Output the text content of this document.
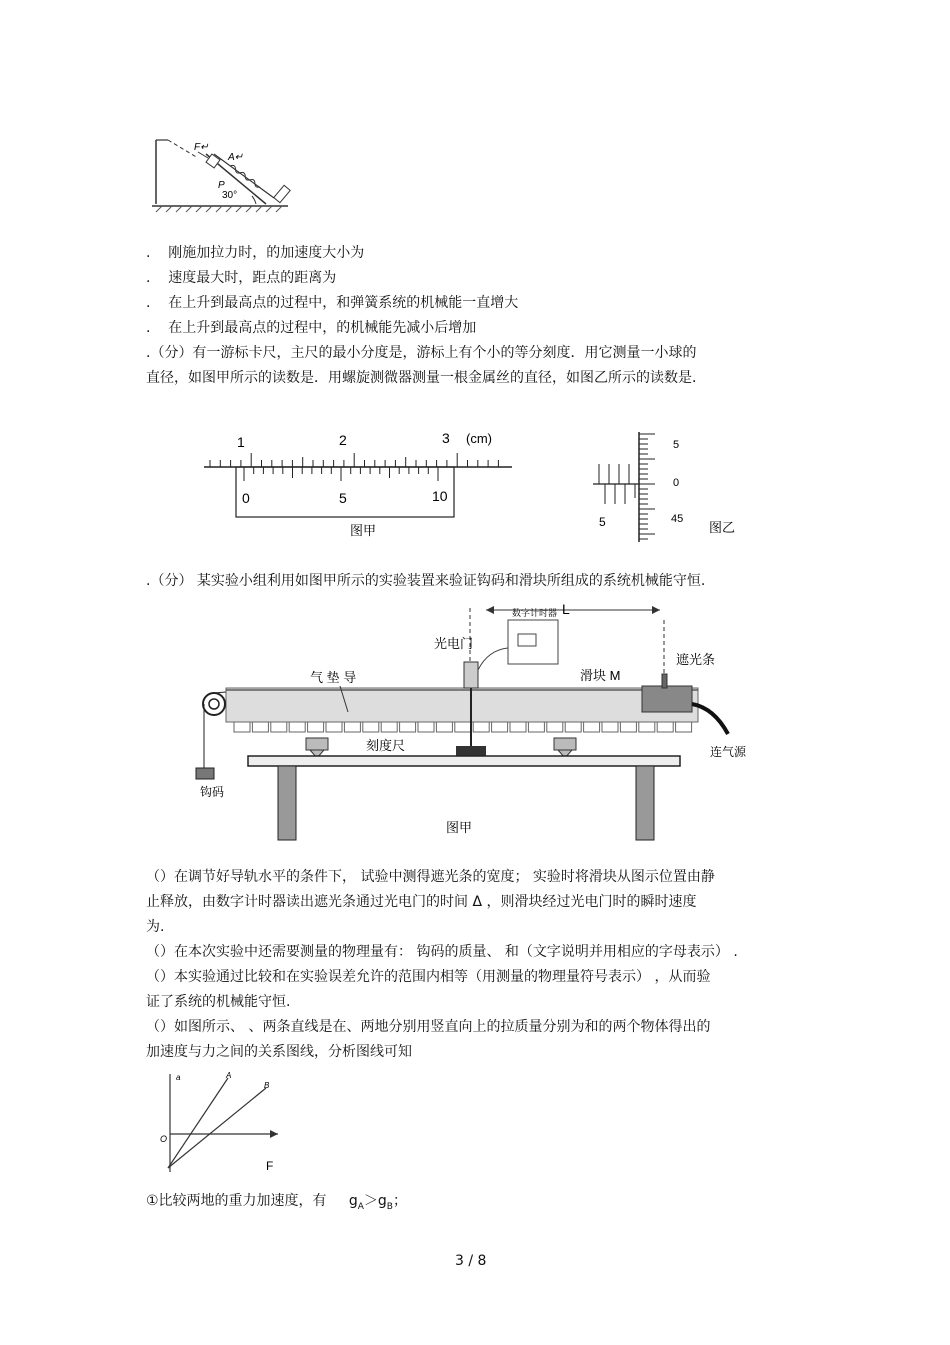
F↵
A↵
P
30°
. 刚施加拉力时，的加速度大小为
. 速度最大时，距点的距离为
. 在上升到最高点的过程中，和弹簧系统的机械能一直增大
. 在上升到最高点的过程中，的机械能先减小后增加
.（分）有一游标卡尺，主尺的最小分度是，游标上有个小的等分刻度．用它测量一小球的
直径，如图甲所示的读数是．用螺旋测微器测量一根金属丝的直径，如图乙所示的读数是．
1	2	3 (cm)
0	5	10
图甲
5
5
0
45
图乙
.（分） 某实验小组利用如图甲所示的实验装置来验证钩码和滑块所组成的系统机械能守恒.
钩码
连气源
滑块 M
遮光条
光电门
数字计时器 L
气 垫 导
刻度尺
图甲
（）在调节好导轨水平的条件下， 试验中测得遮光条的宽度； 实验时将滑块从图示位置由静
止释放，由数字计时器读出遮光条通过光电门的时间 Δ ，则滑块经过光电门时的瞬时速度
为.
（）在本次实验中还需要测量的物理量有： 钩码的质量、 和（文字说明并用相应的字母表示） .
（）本实验通过比较和在实验误差允许的范围内相等（用测量的物理量符号表示） ，从而验
证了系统的机械能守恒.
（）如图所示、 、两条直线是在、两地分别用竖直向上的拉质量分别为和的两个物体得出的
加速度与力之间的关系图线，分析图线可知
a	A
B
O
F
①比较两地的重力加速度，有 $g_A>g_B$；
3 / 8
